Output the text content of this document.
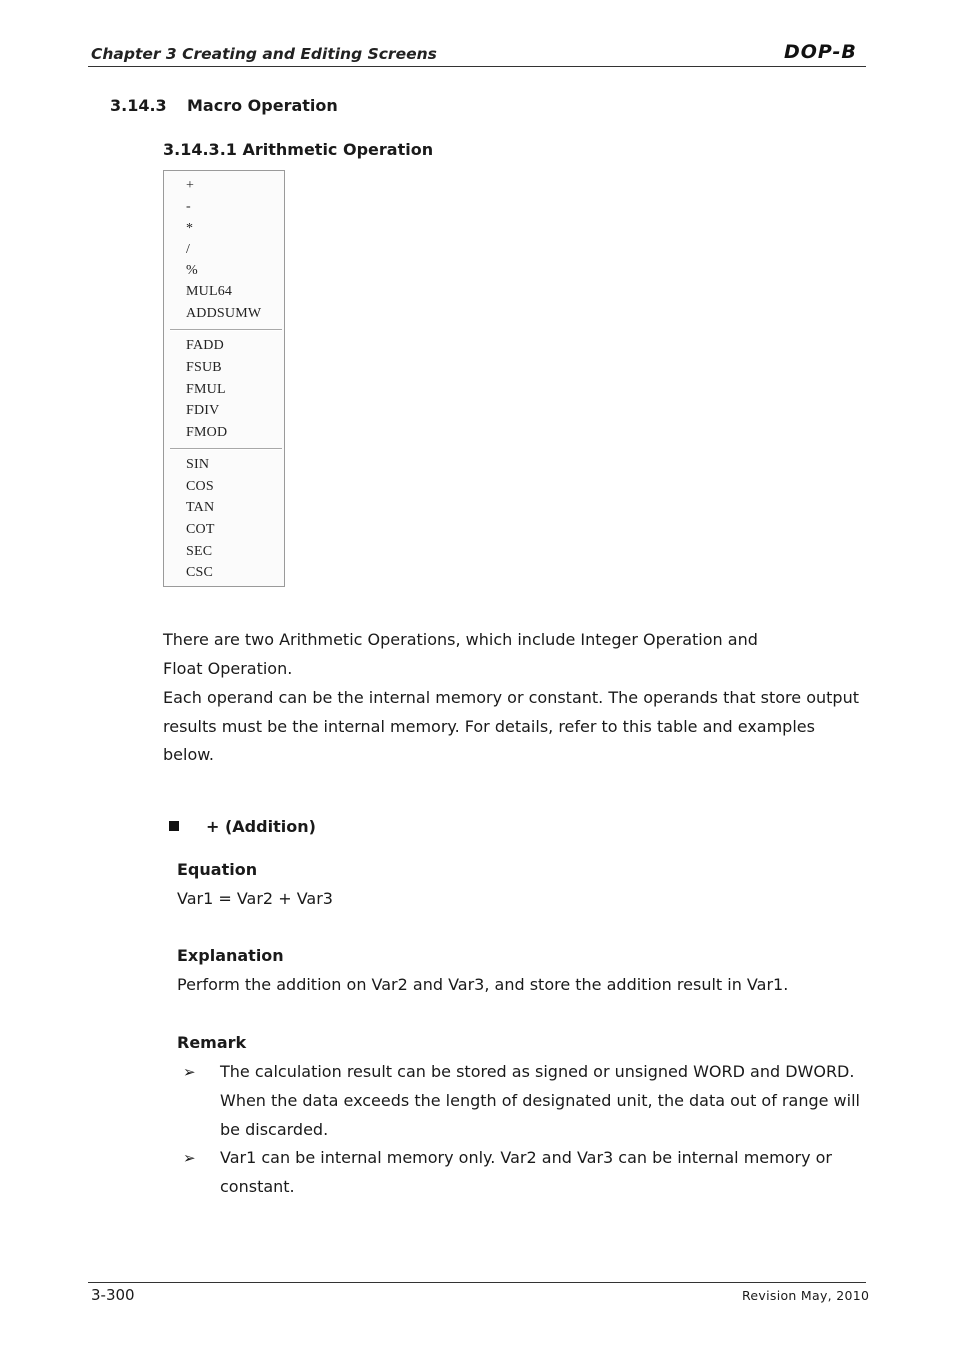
Chapter 3 Creating and Editing Screens	DOP-B
3.14.3 Macro Operation
3.14.3.1 Arithmetic Operation
+
-
*
/
%
MUL64
ADDSUMW
FADD
FSUB
FMUL
FDIV
FMOD
SIN
COS
TAN
COT
SEC
CSC
There are two Arithmetic Operations, which include Integer Operation and
Float Operation.
Each operand can be the internal memory or constant. The operands that store output
results must be the internal memory. For details, refer to this table and examples
below.
+ (Addition)
Equation
Var1 = Var2 + Var3
Explanation
Perform the addition on Var2 and Var3, and store the addition result in Var1.
Remark
➢ The calculation result can be stored as signed or unsigned WORD and DWORD. When the data exceeds the length of designated unit, the data out of range will be discarded.
➢ Var1 can be internal memory only. Var2 and Var3 can be internal memory or constant.
3-300	Revision May, 2010
